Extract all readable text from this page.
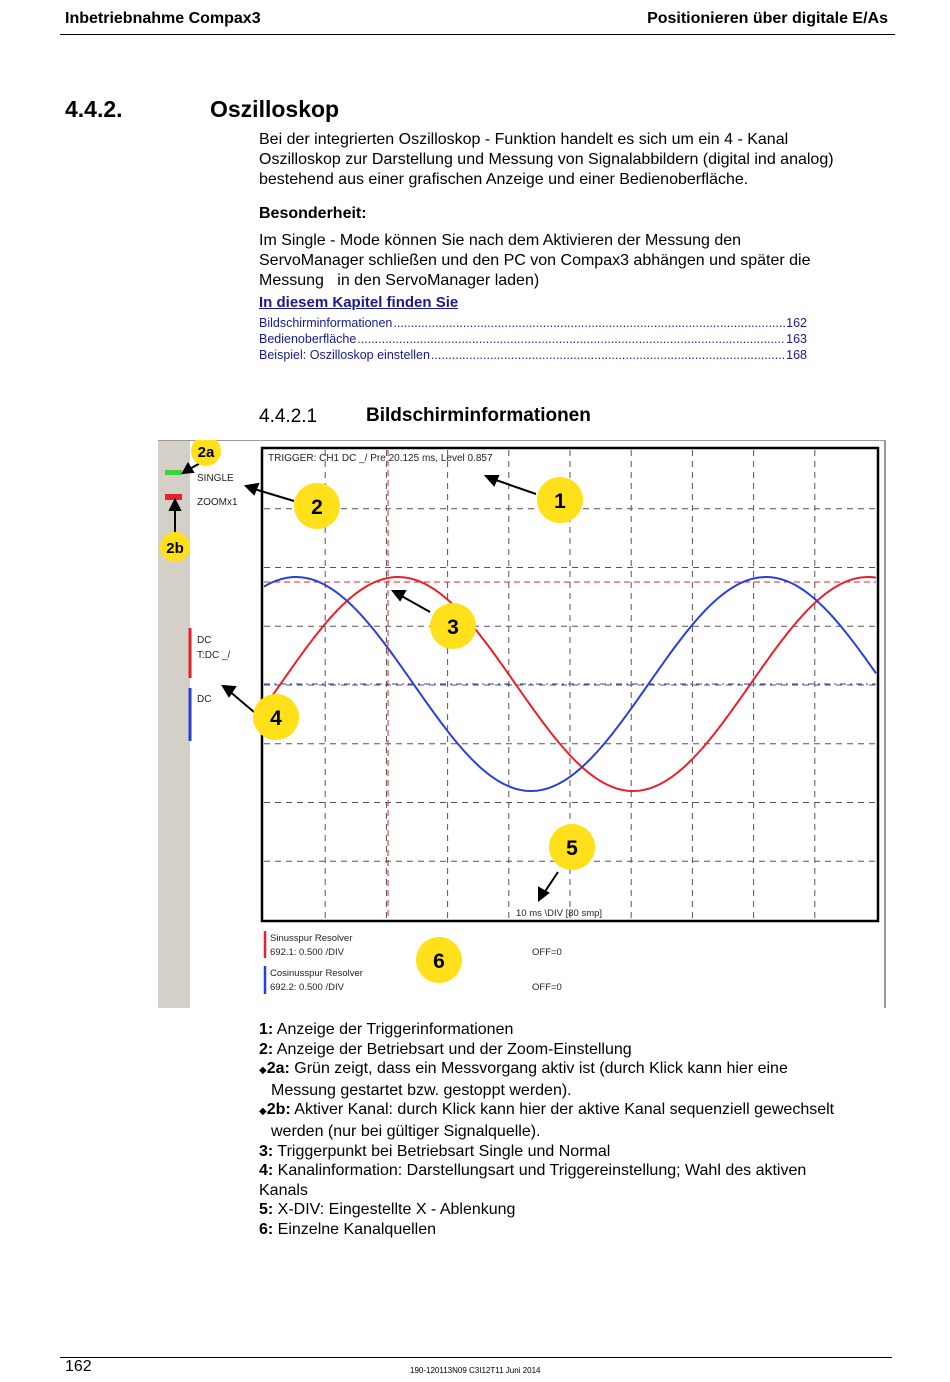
Inbetriebnahme Compax3	Positionieren über digitale E/As
4.4.2.	Oszilloskop
Bei der integrierten Oszilloskop - Funktion handelt es sich um ein 4 - Kanal
Oszilloskop zur Darstellung und Messung von Signalabbildern (digital ind analog)
bestehend aus einer grafischen Anzeige und einer Bedienoberfläche.
Besonderheit:
Im Single - Mode können Sie nach dem Aktivieren der Messung den
ServoManager schließen und den PC von Compax3 abhängen und später die
Messung   in den ServoManager laden)
In diesem Kapitel finden Sie
Bildschirminformationen .....	162
Bedienoberfläche .....	163
Beispiel: Oszilloskop einstellen .....	168
4.4.2.1	Bildschirminformationen
SINGLE
ZOOMx1
DC
T:DC _/
DC
TRIGGER: CH1 DC _/ Pre 20.125 ms, Level 0.857
10 ms \DIV [80 smp]
Sinusspur Resolver
692.1: 0.500 /DIV	OFF=0
Cosinusspur Resolver
692.2: 0.500 /DIV	OFF=0
1
2
2a
2b
3
4
5
6
1: Anzeige der Triggerinformationen
2: Anzeige der Betriebsart und der Zoom-Einstellung
◆2a: Grün zeigt, dass ein Messvorgang aktiv ist (durch Klick kann hier eine
Messung gestartet bzw. gestoppt werden).
◆2b: Aktiver Kanal: durch Klick kann hier der aktive Kanal sequenziell gewechselt
werden (nur bei gültiger Signalquelle).
3: Triggerpunkt bei Betriebsart Single und Normal
4: Kanalinformation: Darstellungsart und Triggereinstellung; Wahl des aktiven
Kanals
5: X-DIV: Eingestellte X - Ablenkung
6: Einzelne Kanalquellen
162	190-120113N09 C3I12T11 Juni 2014
